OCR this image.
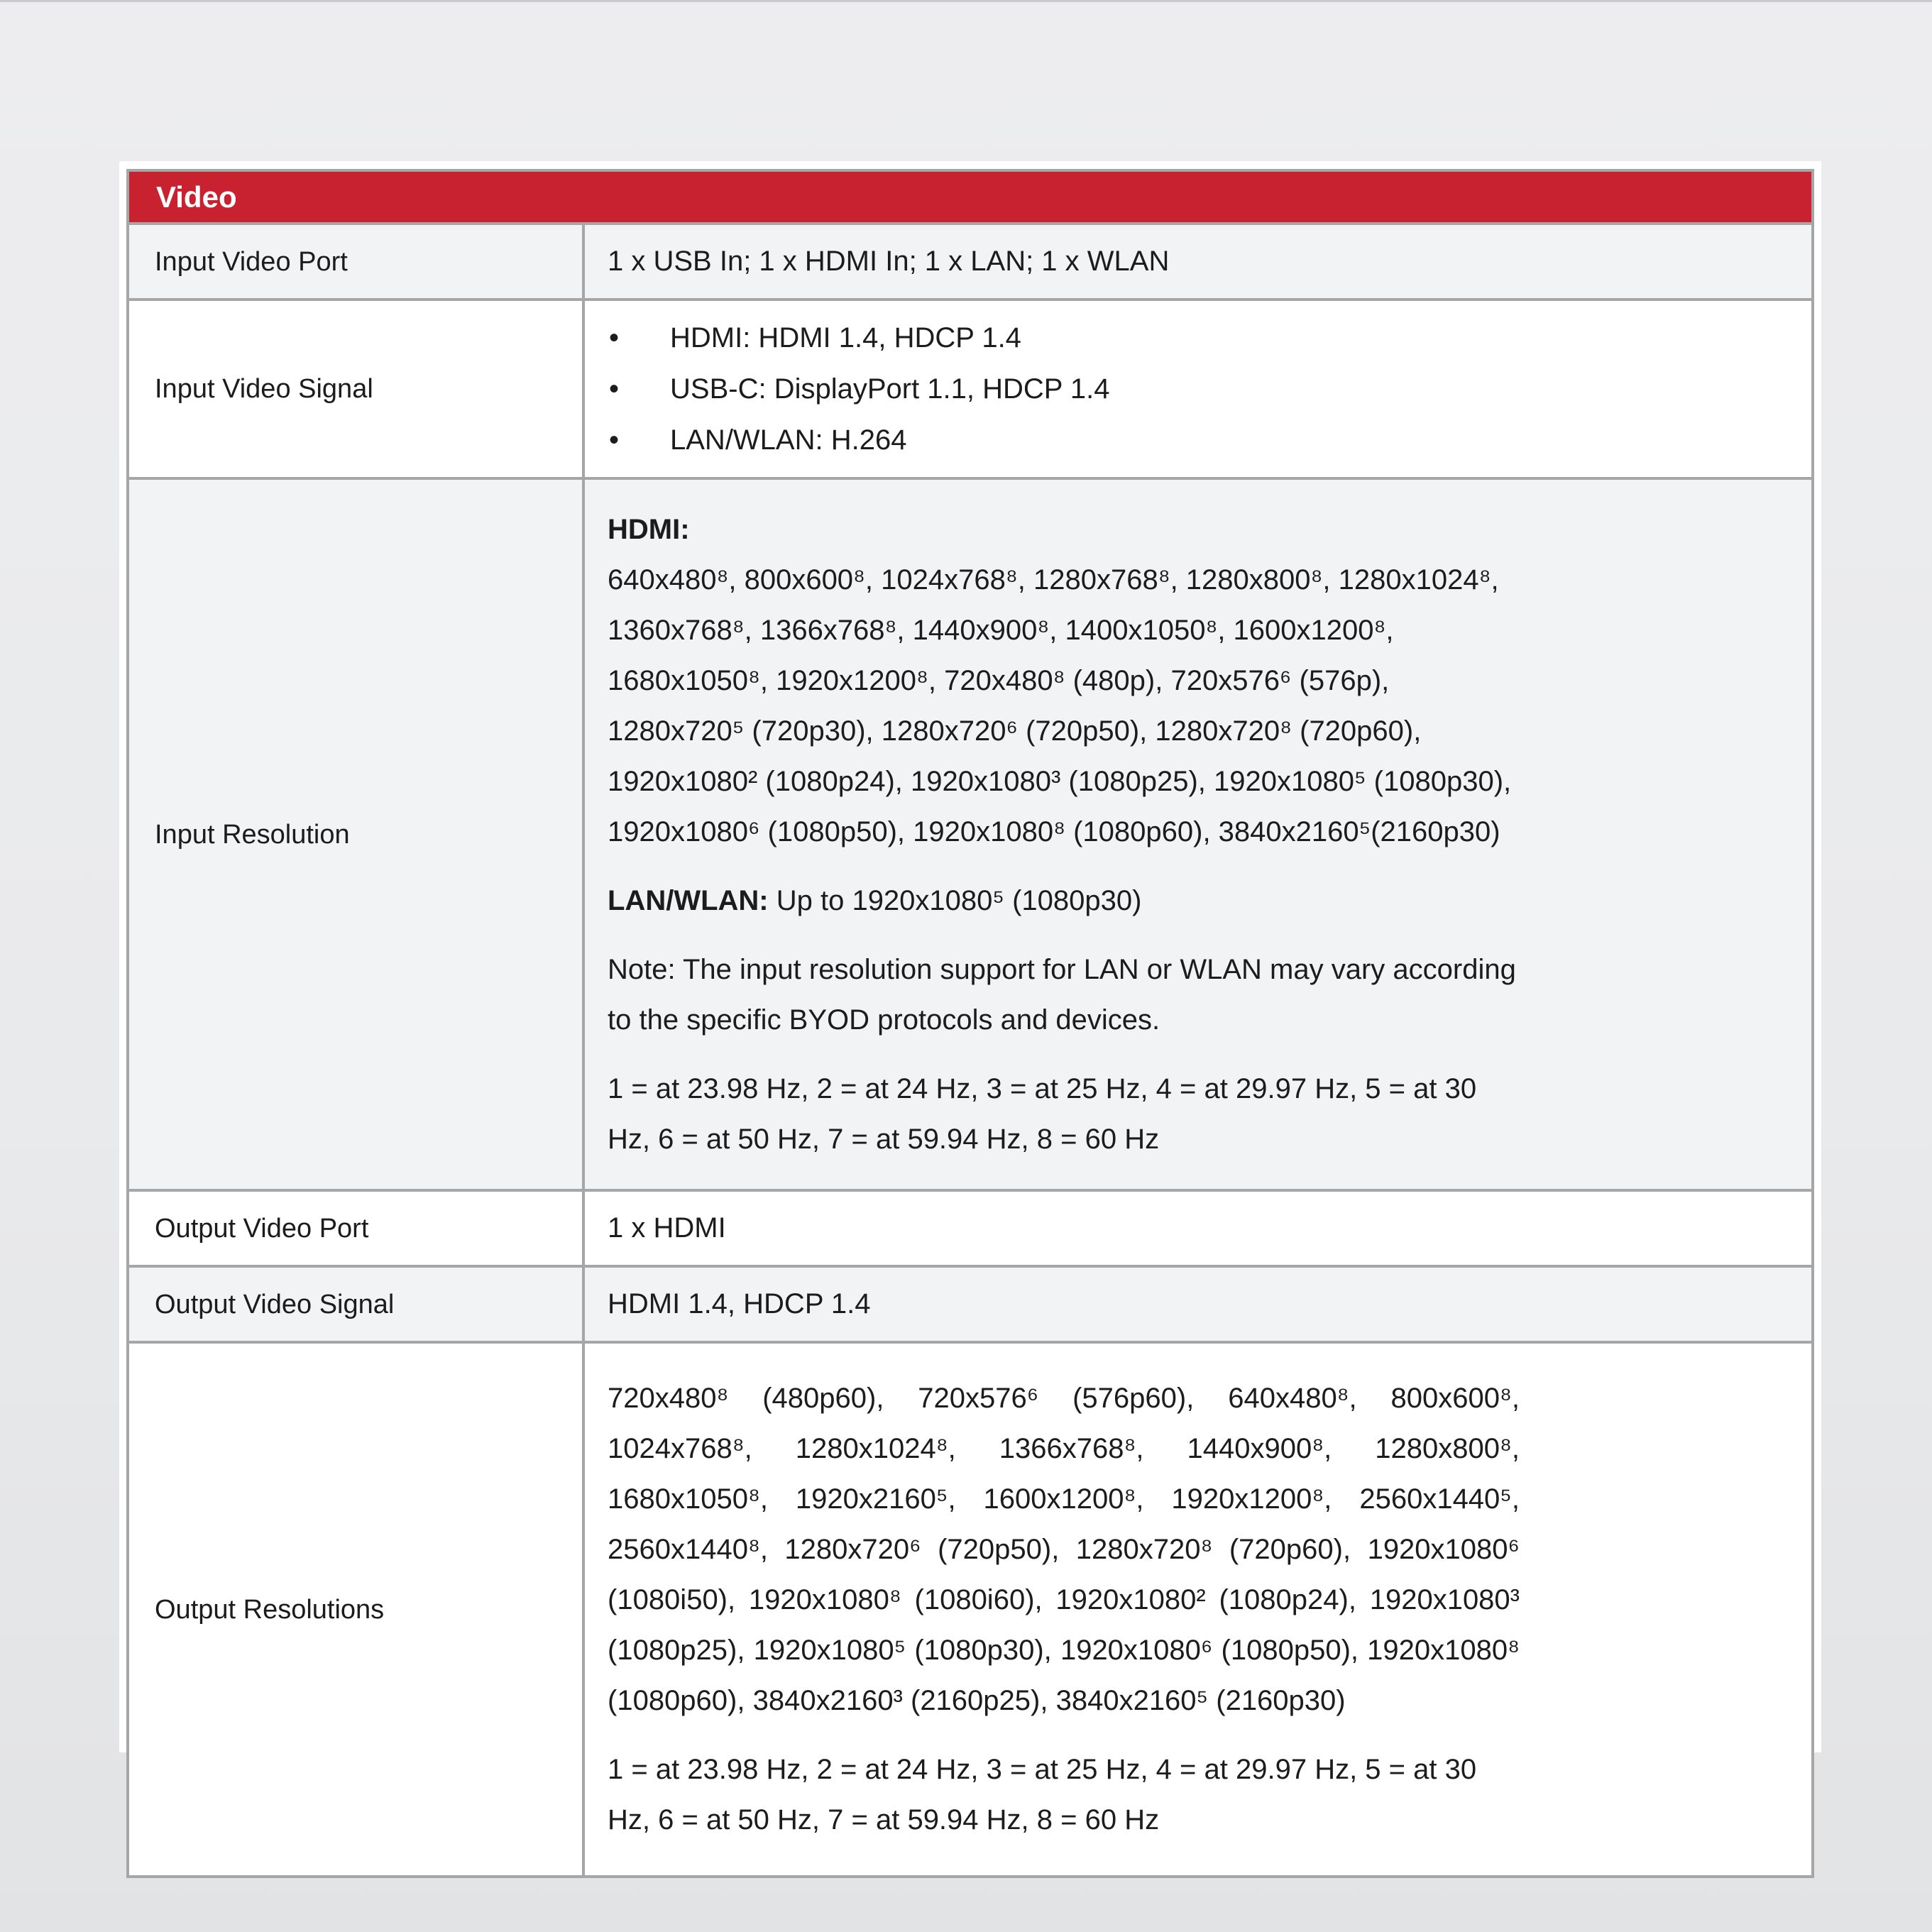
Video	

Input Video Port	1 x USB In; 1 x HDMI In; 1 x LAN; 1 x WLAN

Input Video Signal	
• HDMI: HDMI 1.4, HDCP 1.4
• USB-C: DisplayPort 1.1, HDCP 1.4
• LAN/WLAN: H.264

Input Resolution	HDMI:

640x480⁸, 800x600⁸, 1024x768⁸, 1280x768⁸, 1280x800⁸, 1280x1024⁸, 1360x768⁸, 1366x768⁸, 1440x900⁸, 1400x1050⁸, 1600x1200⁸, 1680x1050⁸, 1920x1200⁸, 720x480⁸ (480p), 720x576⁶ (576p), 1280x720⁵ (720p30), 1280x720⁶ (720p50), 1280x720⁸ (720p60), 1920x1080² (1080p24), 1920x1080³ (1080p25), 1920x1080⁵ (1080p30), 1920x1080⁶ (1080p50), 1920x1080⁸ (1080p60), 3840x2160⁵(2160p30)

LAN/WLAN: Up to 1920x1080⁵ (1080p30)

Note: The input resolution support for LAN or WLAN may vary according to the specific BYOD protocols and devices.

1 = at 23.98 Hz, 2 = at 24 Hz, 3 = at 25 Hz, 4 = at 29.97 Hz, 5 = at 30 Hz, 6 = at 50 Hz, 7 = at 59.94 Hz, 8 = 60 Hz

Output Video Port	1 x HDMI

Output Video Signal	HDMI 1.4, HDCP 1.4

Output Resolutions	720x480⁸ (480p60), 720x576⁶ (576p60), 640x480⁸, 800x600⁸, 1024x768⁸, 1280x1024⁸, 1366x768⁸, 1440x900⁸, 1280x800⁸, 1680x1050⁸, 1920x2160⁵, 1600x1200⁸, 1920x1200⁸, 2560x1440⁵, 2560x1440⁸, 1280x720⁶ (720p50), 1280x720⁸ (720p60), 1920x1080⁶ (1080i50), 1920x1080⁸ (1080i60), 1920x1080² (1080p24), 1920x1080³ (1080p25), 1920x1080⁵ (1080p30), 1920x1080⁶ (1080p50), 1920x1080⁸ (1080p60), 3840x2160³ (2160p25), 3840x2160⁵ (2160p30)

1 = at 23.98 Hz, 2 = at 24 Hz, 3 = at 25 Hz, 4 = at 29.97 Hz, 5 = at 30 Hz, 6 = at 50 Hz, 7 = at 59.94 Hz, 8 = 60 Hz
